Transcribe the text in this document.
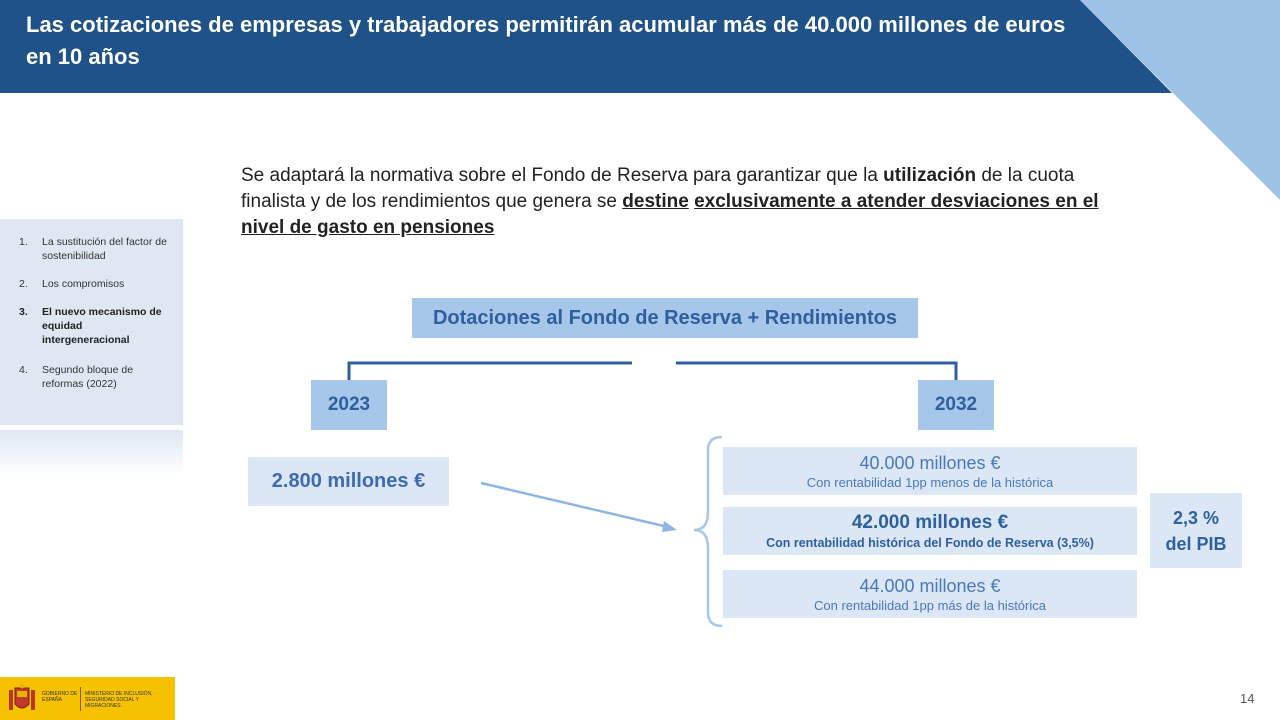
Las cotizaciones de empresas y trabajadores permitirán acumular más de 40.000 millones de euros en 10 años
Se adaptará la normativa sobre el Fondo de Reserva para garantizar que la utilización de la cuota finalista y de los rendimientos que genera se destine exclusivamente a atender desviaciones en el nivel de gasto en pensiones
1. La sustitución del factor de sostenibilidad
2. Los compromisos
3. El nuevo mecanismo de equidad intergeneracional
4. Segundo bloque de reformas (2022)
Dotaciones al Fondo de Reserva + Rendimientos
2023	2032
2.800 millones €
40.000 millones €
Con rentabilidad 1pp menos de la histórica
42.000 millones €
Con rentabilidad histórica del Fondo de Reserva (3,5%)
44.000 millones €
Con rentabilidad 1pp más de la histórica
2,3 %
del PIB
GOBIERNO DE ESPAÑA
MINISTERIO DE INCLUSIÓN, SEGURIDAD SOCIAL Y MIGRACIONES	14
